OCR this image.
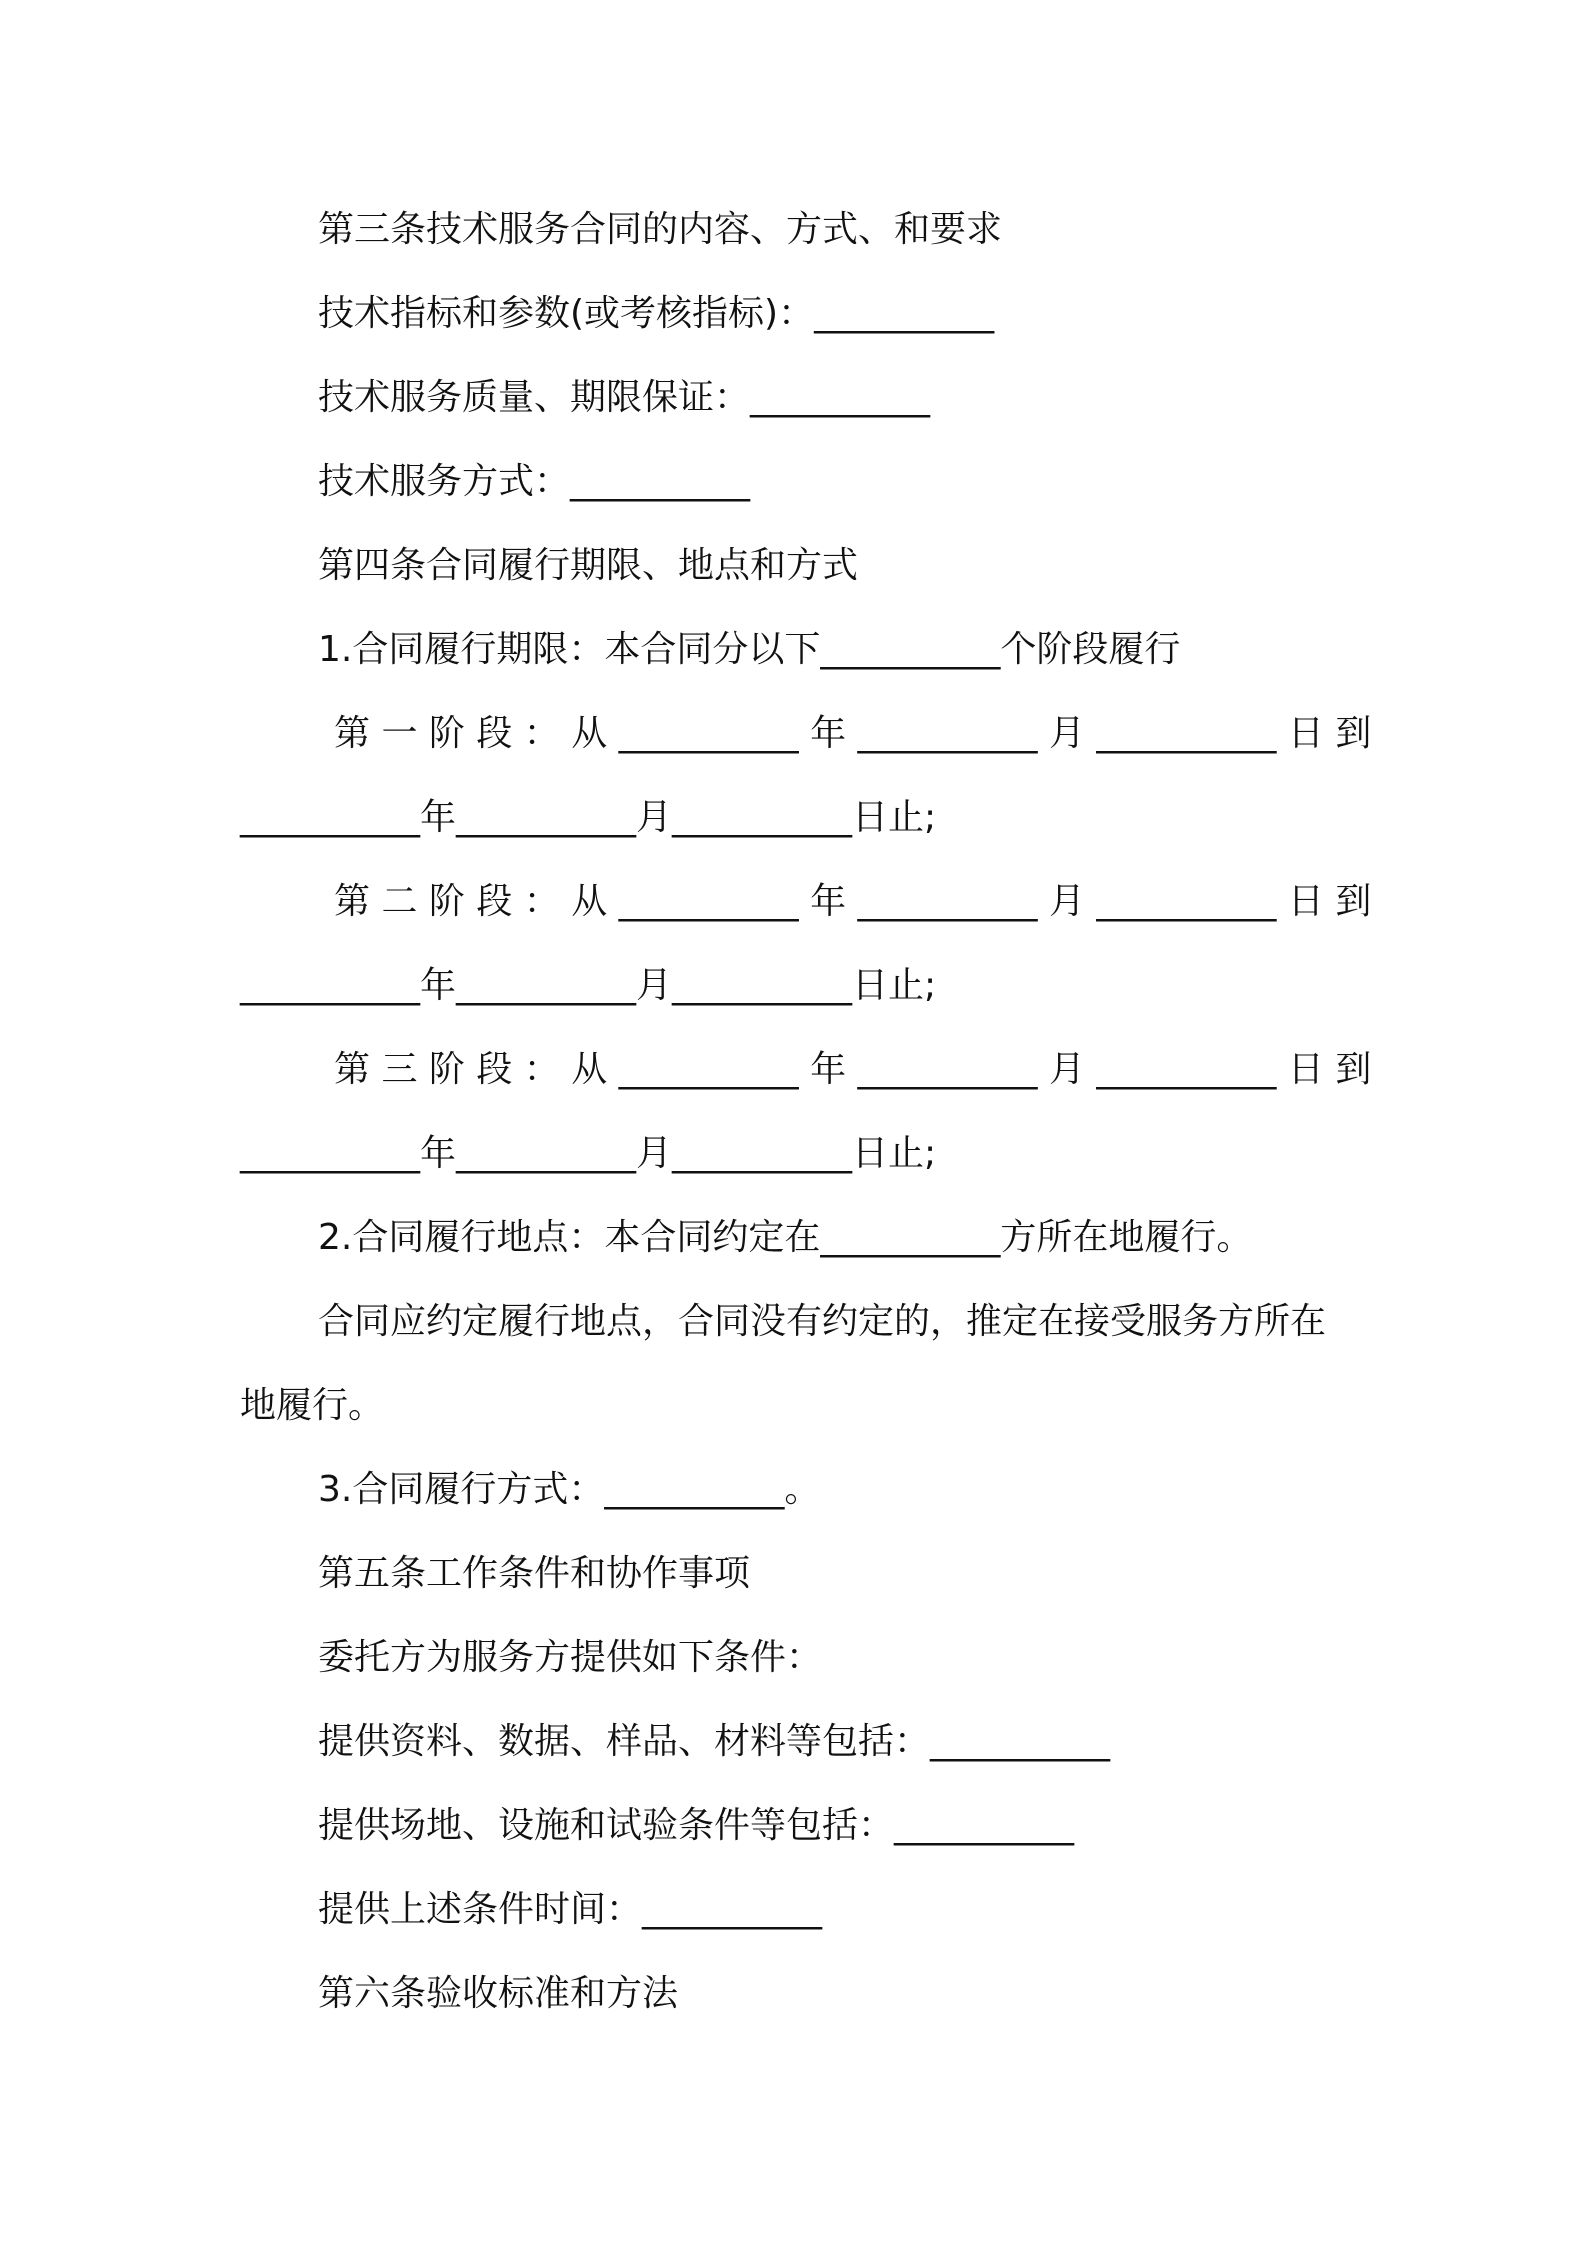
第三条技术服务合同的内容、方式、和要求

技术指标和参数(或考核指标)：__________

技术服务质量、期限保证：__________

技术服务方式：__________

第四条合同履行期限、地点和方式

1.合同履行期限：本合同分以下__________个阶段履行

第 一 阶 段 ： 从 __________ 年 __________ 月 __________ 日 到

__________年__________月__________日止;

第 二 阶 段 ： 从 __________ 年 __________ 月 __________ 日 到

__________年__________月__________日止;

第 三 阶 段 ： 从 __________ 年 __________ 月 __________ 日 到

__________年__________月__________日止;

2.合同履行地点：本合同约定在__________方所在地履行。

合同应约定履行地点，合同没有约定的，推定在接受服务方所在

地履行。

3.合同履行方式：__________。

第五条工作条件和协作事项

委托方为服务方提供如下条件：

提供资料、数据、样品、材料等包括：__________

提供场地、设施和试验条件等包括：__________

提供上述条件时间：__________

第六条验收标准和方法
